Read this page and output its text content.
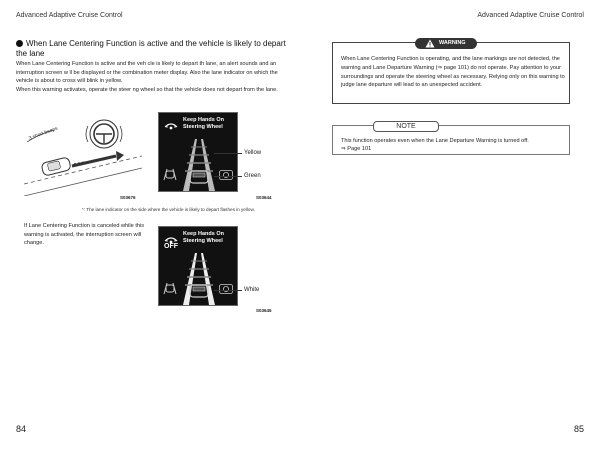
Advanced Adaptive Cruise Control	Advanced Adaptive Cruise Control
When Lane Centering Function is active and the vehicle is likely to depart the lane
When Lane Centering Function is active and the veh cle is likely to depart th lane, an alert sounds and an interruption screen w ll be displayed or the combination meter display. Also the lane indicator on which the vehicle is about to cross will blink in yellow.
When this warning activates, operate the steer ng wheel so that the vehicle does not depart from the lane.
3 short beeps
Keep Hands On
Steering Wheel
Yellow
Green
S03676	S03644
*: The lane indicator on the side where the vehicle is likely to depart flashes in yellow.
If Lane Centering Function is canceled while this warning is activated, the interruption screen will change.	OFF
Keep Hands On
Steering Wheel
White
S03645
WARNING
When Lane Centering Function is operating, and the lane markings are not detected, the warning and Lane Departure Warning (⇒ page 101) do not operate. Pay attention to your surroundings and operate the steering wheel as necessary. Relying only on this warning to judge lane departure will lead to an unexpected accident.
NOTE
This function operates even when the Lane Departure Warning is turned off.
⇒ Page 101
84	85
